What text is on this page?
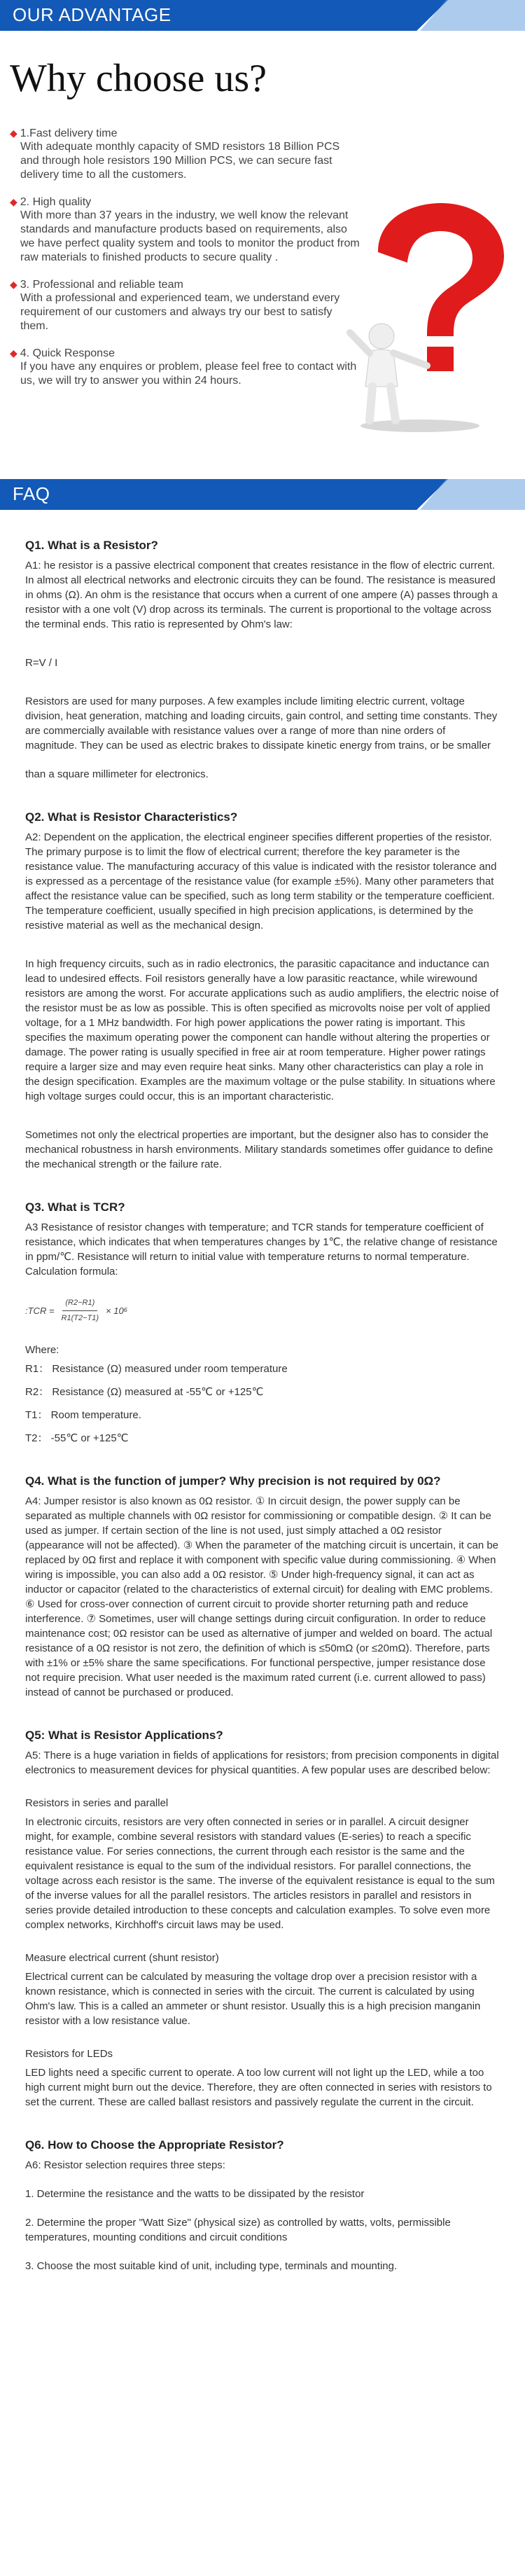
OUR ADVANTAGE
Why choose us?
◆ 1.Fast delivery time
With adequate monthly capacity of SMD resistors 18 Billion PCS and through hole resistors 190 Million PCS, we can secure fast delivery time to all the customers.
◆ 2. High quality
With more than 37 years in the industry, we well know the relevant standards and manufacture products based on requirements, also we have perfect quality system and tools to monitor the product from raw materials to finished products to secure quality .
◆ 3. Professional and reliable team
With a professional and experienced team, we understand every requirement of our customers and always try our best to satisfy them.
◆ 4. Quick Response
If you have any enquires or problem, please feel free to contact with us, we will try to answer you within 24 hours.
FAQ
Q1. What is a Resistor?
A1: he resistor is a passive electrical component that creates resistance in the flow of electric current. In almost all electrical networks and electronic circuits they can be found. The resistance is measured in ohms (Ω). An ohm is the resistance that occurs when a current of one ampere (A) passes through a resistor with a one volt (V) drop across its terminals. The current is proportional to the voltage across the terminal ends. This ratio is represented by Ohm's law:
R=V / I
Resistors are used for many purposes. A few examples include limiting electric current, voltage division, heat generation, matching and loading circuits, gain control, and setting time constants. They are commercially available with resistance values over a range of more than nine orders of magnitude. They can be used as electric brakes to dissipate kinetic energy from trains, or be smaller
than a square millimeter for electronics.
Q2. What is Resistor Characteristics?
A2: Dependent on the application, the electrical engineer specifies different properties of the resistor. The primary purpose is to limit the flow of electrical current; therefore the key parameter is the resistance value. The manufacturing accuracy of this value is indicated with the resistor tolerance and is expressed as a percentage of the resistance value (for example ±5%). Many other parameters that affect the resistance value can be specified, such as long term stability or the temperature coefficient. The temperature coefficient, usually specified in high precision applications, is determined by the resistive material as well as the mechanical design.
In high frequency circuits, such as in radio electronics, the parasitic capacitance and inductance can lead to undesired effects. Foil resistors generally have a low parasitic reactance, while wirewound resistors are among the worst. For accurate applications such as audio amplifiers, the electric noise of the resistor must be as low as possible. This is often specified as microvolts noise per volt of applied voltage, for a 1 MHz bandwidth. For high power applications the power rating is important. This specifies the maximum operating power the component can handle without altering the properties or damage. The power rating is usually specified in free air at room temperature. Higher power ratings require a larger size and may even require heat sinks. Many other characteristics can play a role in the design specification. Examples are the maximum voltage or the pulse stability. In situations where high voltage surges could occur, this is an important characteristic.
Sometimes not only the electrical properties are important, but the designer also has to consider the mechanical robustness in harsh environments. Military standards sometimes offer guidance to define the mechanical strength or the failure rate.
Q3. What is TCR?
A3 Resistance of resistor changes with temperature; and TCR stands for temperature coefficient of resistance, which indicates that when temperatures changes by 1℃, the relative change of resistance in ppm/℃. Resistance will return to initial value with temperature returns to normal temperature. Calculation formula:
:TCR = $\frac{(R2-R1)}{R1(T2-T1)} \times 10^6$
Where:
R1： Resistance (Ω) measured under room temperature
R2： Resistance (Ω) measured at -55℃ or +125℃
T1： Room temperature.
T2： -55℃ or +125℃
Q4. What is the function of jumper? Why precision is not required by 0Ω?
A4: Jumper resistor is also known as 0Ω resistor. ① In circuit design, the power supply can be separated as multiple channels with 0Ω resistor for commissioning or compatible design. ② It can be used as jumper. If certain section of the line is not used, just simply attached a 0Ω resistor (appearance will not be affected). ③ When the parameter of the matching circuit is uncertain, it can be replaced by 0Ω first and replace it with component with specific value during commissioning. ④ When wiring is impossible, you can also add a 0Ω resistor. ⑤ Under high-frequency signal, it can act as inductor or capacitor (related to the characteristics of external circuit) for dealing with EMC problems. ⑥ Used for cross-over connection of current circuit to provide shorter returning path and reduce interference. ⑦ Sometimes, user will change settings during circuit configuration. In order to reduce maintenance cost; 0Ω resistor can be used as alternative of jumper and welded on board. The actual resistance of a 0Ω resistor is not zero, the definition of which is ≤50mΩ (or ≤20mΩ). Therefore, parts with ±1% or ±5% share the same specifications. For functional perspective, jumper resistance dose not require precision. What user needed is the maximum rated current (i.e. current allowed to pass) instead of cannot be purchased or produced.
Q5: What is Resistor Applications?
A5: There is a huge variation in fields of applications for resistors; from precision components in digital electronics to measurement devices for physical quantities. A few popular uses are described below:
Resistors in series and parallel
In electronic circuits, resistors are very often connected in series or in parallel. A circuit designer might, for example, combine several resistors with standard values (E-series) to reach a specific resistance value. For series connections, the current through each resistor is the same and the equivalent resistance is equal to the sum of the individual resistors. For parallel connections, the voltage across each resistor is the same. The inverse of the equivalent resistance is equal to the sum of the inverse values for all the parallel resistors. The articles resistors in parallel and resistors in series provide detailed introduction to these concepts and calculation examples. To solve even more complex networks, Kirchhoff's circuit laws may be used.
Measure electrical current (shunt resistor)
Electrical current can be calculated by measuring the voltage drop over a precision resistor with a known resistance, which is connected in series with the circuit. The current is calculated by using Ohm's law. This is a called an ammeter or shunt resistor. Usually this is a high precision manganin resistor with a low resistance value.
Resistors for LEDs
LED lights need a specific current to operate. A too low current will not light up the LED, while a too high current might burn out the device. Therefore, they are often connected in series with resistors to set the current. These are called ballast resistors and passively regulate the current in the circuit.
Q6. How to Choose the Appropriate Resistor?
A6: Resistor selection requires three steps:
1. Determine the resistance and the watts to be dissipated by the resistor
2. Determine the proper "Watt Size" (physical size) as controlled by watts, volts, permissible temperatures, mounting conditions and circuit conditions
3. Choose the most suitable kind of unit, including type, terminals and mounting.
